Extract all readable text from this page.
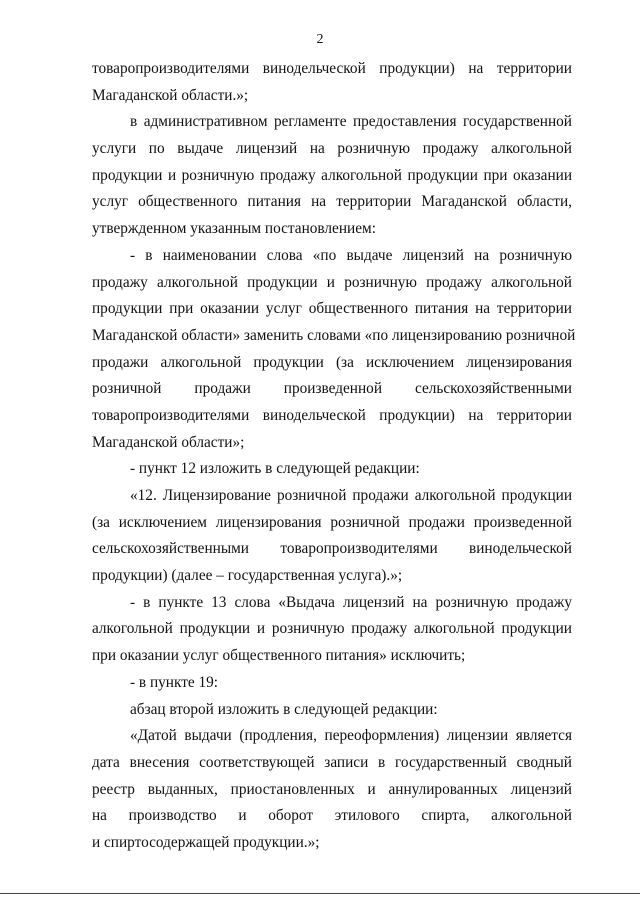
2
товаропроизводителями винодельческой продукции) на территории
Магаданской области.»;
в административном регламенте предоставления государственной
услуги по выдаче лицензий на розничную продажу алкогольной
продукции и розничную продажу алкогольной продукции при оказании
услуг общественного питания на территории Магаданской области,
утвержденном указанным постановлением:
- в наименовании слова «по выдаче лицензий на розничную
продажу алкогольной продукции и розничную продажу алкогольной
продукции при оказании услуг общественного питания на территории
Магаданской области» заменить словами «по лицензированию розничной
продажи алкогольной продукции (за исключением лицензирования
розничной продажи произведенной сельскохозяйственными
товаропроизводителями винодельческой продукции) на территории
Магаданской области»;
- пункт 12 изложить в следующей редакции:
«12. Лицензирование розничной продажи алкогольной продукции
(за исключением лицензирования розничной продажи произведенной
сельскохозяйственными товаропроизводителями винодельческой
продукции) (далее – государственная услуга).»;
- в пункте 13 слова «Выдача лицензий на розничную продажу
алкогольной продукции и розничную продажу алкогольной продукции
при оказании услуг общественного питания» исключить;
- в пункте 19:
абзац второй изложить в следующей редакции:
«Датой выдачи (продления, переоформления) лицензии является
дата внесения соответствующей записи в государственный сводный
реестр выданных, приостановленных и аннулированных лицензий
на производство и оборот этилового спирта, алкогольной
и спиртосодержащей продукции.»;
